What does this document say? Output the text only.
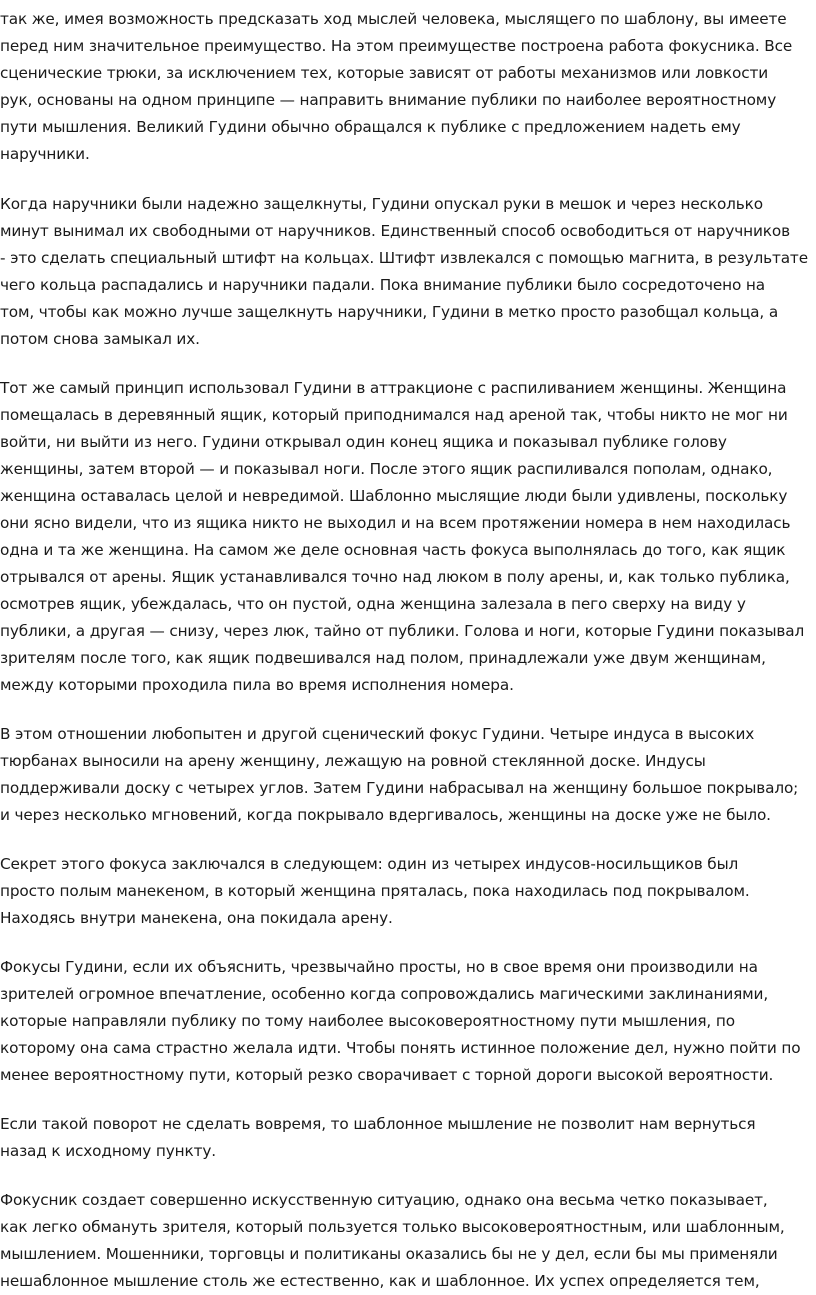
так же, имея возможность предсказать ход мыслей человека, мыслящего по шаблону, вы имеете
перед ним значительное преимущество. На этом преимуществе построена работа фокусника. Все
сценические трюки, за исключением тех, которые зависят от работы механизмов или ловкости
рук, основаны на одном принципе — направить внимание публики по наиболее вероятностному
пути мышления. Великий Гудини обычно обращался к публике с предложением надеть ему
наручники.

Когда наручники были надежно защелкнуты, Гудини опускал руки в мешок и через несколько
минут вынимал их свободными от наручников. Единственный способ освободиться от наручников
- это сделать специальный штифт на кольцах. Штифт извлекался с помощью магнита, в результате
чего кольца распадались и наручники падали. Пока внимание публики было сосредоточено на
том, чтобы как можно лучше защелкнуть наручники, Гудини в метко просто разобщал кольца, а
потом снова замыкал их.

Тот же самый принцип использовал Гудини в аттракционе с распиливанием женщины. Женщина
помещалась в деревянный ящик, который приподнимался над ареной так, чтобы никто не мог ни
войти, ни выйти из него. Гудини открывал один конец ящика и показывал публике голову
женщины, затем второй — и показывал ноги. После этого ящик распиливался пополам, однако,
женщина оставалась целой и невредимой. Шаблонно мыслящие люди были удивлены, поскольку
они ясно видели, что из ящика никто не выходил и на всем протяжении номера в нем находилась
одна и та же женщина. На самом же деле основная часть фокуса выполнялась до того, как ящик
отрывался от арены. Ящик устанавливался точно над люком в полу арены, и, как только публика,
осмотрев ящик, убеждалась, что он пустой, одна женщина залезала в пего сверху на виду у
публики, а другая — снизу, через люк, тайно от публики. Голова и ноги, которые Гудини показывал
зрителям после того, как ящик подвешивался над полом, принадлежали уже двум женщинам,
между которыми проходила пила во время исполнения номера.

В этом отношении любопытен и другой сценический фокус Гудини. Четыре индуса в высоких
тюрбанах выносили на арену женщину, лежащую на ровной стеклянной доске. Индусы
поддерживали доску с четырех углов. Затем Гудини набрасывал на женщину большое покрывало;
и через несколько мгновений, когда покрывало вдергивалось, женщины на доске уже не было.

Секрет этого фокуса заключался в следующем: один из четырех индусов-носильщиков был
просто полым манекеном, в который женщина пряталась, пока находилась под покрывалом.
Находясь внутри манекена, она покидала арену.

Фокусы Гудини, если их объяснить, чрезвычайно просты, но в свое время они производили на
зрителей огромное впечатление, особенно когда сопровождались магическими заклинаниями,
которые направляли публику по тому наиболее высоковероятностному пути мышления, по
которому она сама страстно желала идти. Чтобы понять истинное положение дел, нужно пойти по
менее вероятностному пути, который резко сворачивает с торной дороги высокой вероятности.

Если такой поворот не сделать вовремя, то шаблонное мышление не позволит нам вернуться
назад к исходному пункту.

Фокусник создает совершенно искусственную ситуацию, однако она весьма четко показывает,
как легко обмануть зрителя, который пользуется только высоковероятностным, или шаблонным,
мышлением. Мошенники, торговцы и политиканы оказались бы не у дел, если бы мы применяли
нешаблонное мышление столь же естественно, как и шаблонное. Их успех определяется тем,
